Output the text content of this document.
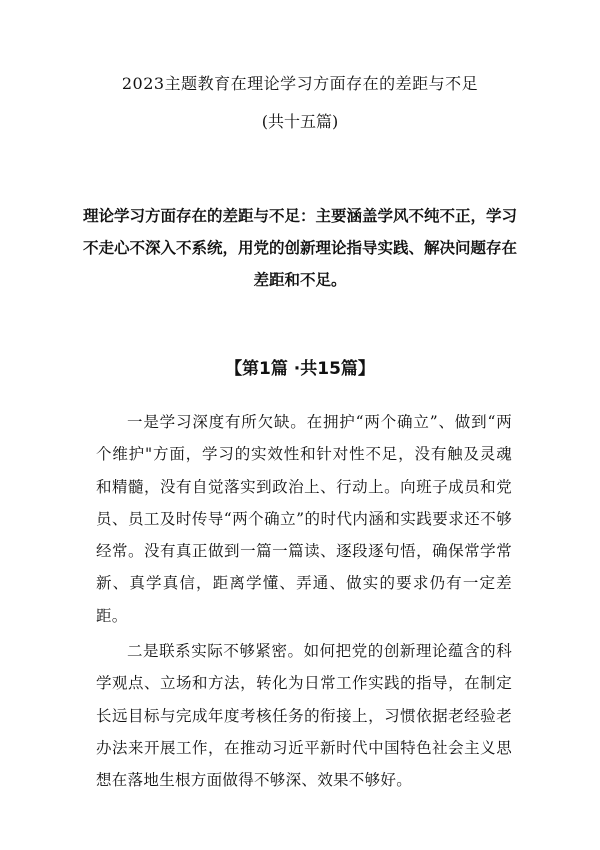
2023主题教育在理论学习方面存在的差距与不足
(共十五篇)
理论学习方面存在的差距与不足：主要涵盖学风不纯不正，学习不走心不深入不系统，用党的创新理论指导实践、解决问题存在差距和不足。
【第1篇 ·共15篇】
一是学习深度有所欠缺。在拥护“两个确立”、做到“两个维护"方面，学习的实效性和针对性不足，没有触及灵魂和精髓，没有自觉落实到政治上、行动上。向班子成员和党员、员工及时传导“两个确立”的时代内涵和实践要求还不够经常。没有真正做到一篇一篇读、逐段逐句悟，确保常学常新、真学真信，距离学懂、弄通、做实的要求仍有一定差距。
二是联系实际不够紧密。如何把党的创新理论蕴含的科学观点、立场和方法，转化为日常工作实践的指导，在制定长远目标与完成年度考核任务的衔接上，习惯依据老经验老办法来开展工作，在推动习近平新时代中国特色社会主义思想在落地生根方面做得不够深、效果不够好。
